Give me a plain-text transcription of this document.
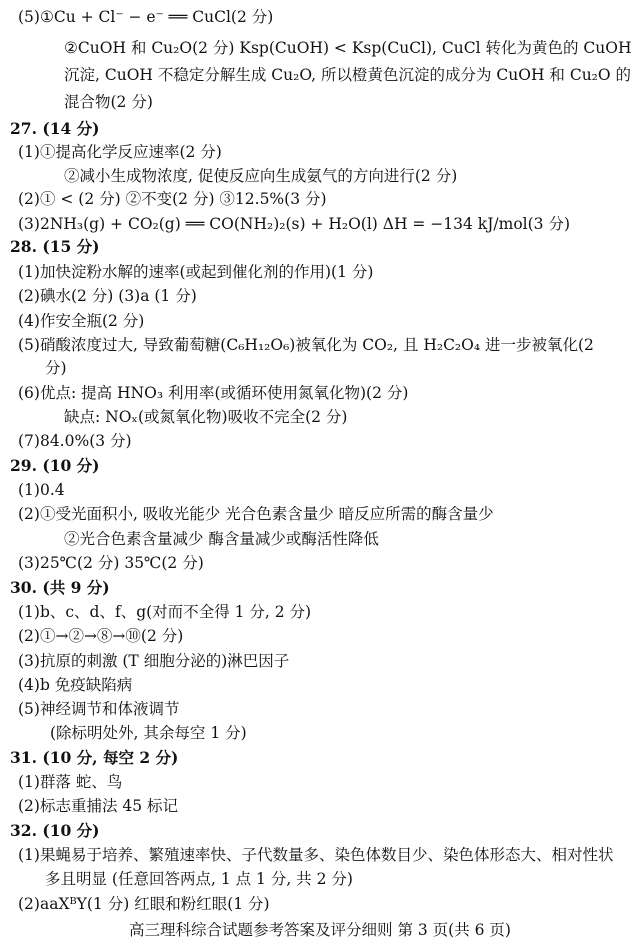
(5)①Cu + Cl⁻ − e⁻ ══ CuCl(2 分)
②CuOH 和 Cu₂O(2 分) Ksp(CuOH) < Ksp(CuCl), CuCl 转化为黄色的 CuOH
沉淀, CuOH 不稳定分解生成 Cu₂O, 所以橙黄色沉淀的成分为 CuOH 和 Cu₂O 的
混合物(2 分)
27. (14 分)
(1)①提高化学反应速率(2 分)
②减小生成物浓度, 促使反应向生成氨气的方向进行(2 分)
(2)① < (2 分) ②不变(2 分) ③12.5%(3 分)
(3)2NH₃(g) + CO₂(g) ══ CO(NH₂)₂(s) + H₂O(l) ΔH = −134 kJ/mol(3 分)
28. (15 分)
(1)加快淀粉水解的速率(或起到催化剂的作用)(1 分)
(2)碘水(2 分) (3)a (1 分)
(4)作安全瓶(2 分)
(5)硝酸浓度过大, 导致葡萄糖(C₆H₁₂O₆)被氧化为 CO₂, 且 H₂C₂O₄ 进一步被氧化(2
分)
(6)优点: 提高 HNO₃ 利用率(或循环使用氮氧化物)(2 分)
缺点: NOₓ(或氮氧化物)吸收不完全(2 分)
(7)84.0%(3 分)
29. (10 分)
(1)0.4
(2)①受光面积小, 吸收光能少 光合色素含量少 暗反应所需的酶含量少
②光合色素含量减少 酶含量减少或酶活性降低
(3)25℃(2 分) 35℃(2 分)
30. (共 9 分)
(1)b、c、d、f、g(对而不全得 1 分, 2 分)
(2)①→②→⑧→⑩(2 分)
(3)抗原的刺激 (T 细胞分泌的)淋巴因子
(4)b 免疫缺陷病
(5)神经调节和体液调节
(除标明处外, 其余每空 1 分)
31. (10 分, 每空 2 分)
(1)群落 蛇、鸟
(2)标志重捕法 45 标记
32. (10 分)
(1)果蝇易于培养、繁殖速率快、子代数量多、染色体数目少、染色体形态大、相对性状
多且明显 (任意回答两点, 1 点 1 分, 共 2 分)
(2)aaXᴮY(1 分) 红眼和粉红眼(1 分)
高三理科综合试题参考答案及评分细则 第 3 页(共 6 页)
